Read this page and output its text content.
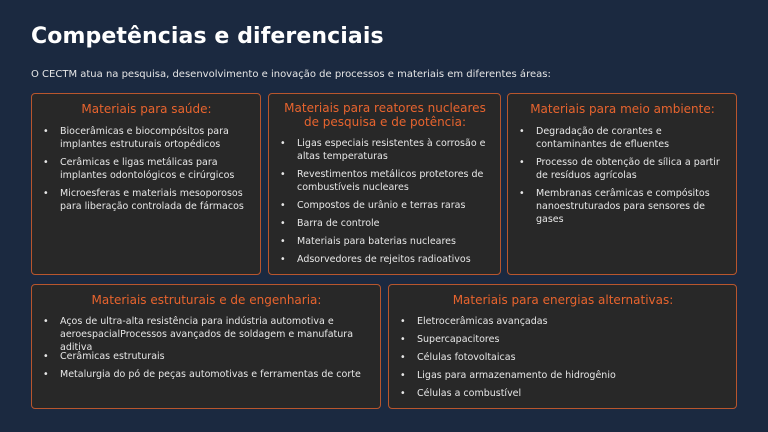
Competências e diferenciais
O CECTM atua na pesquisa, desenvolvimento e inovação de processos e materiais em diferentes áreas:
Materiais para saúde:
• Biocerâmicas e biocompósitos para implantes estruturais ortopédicos
• Cerâmicas e ligas metálicas para implantes odontológicos e cirúrgicos
• Microesferas e materiais mesoporosos para liberação controlada de fármacos
Materiais para reatores nucleares de pesquisa e de potência:
• Ligas especiais resistentes à corrosão e altas temperaturas
• Revestimentos metálicos protetores de combustíveis nucleares
• Compostos de urânio e terras raras
• Barra de controle
• Materiais para baterias nucleares
• Adsorvedores de rejeitos radioativos
Materiais para meio ambiente:
• Degradação de corantes e contaminantes de efluentes
• Processo de obtenção de sílica a partir de resíduos agrícolas
• Membranas cerâmicas e compósitos nanoestruturados para sensores de gases
Materiais estruturais e de engenharia:
• Aços de ultra-alta resistência para indústria automotiva e aeroespacialProcessos avançados de soldagem e manufatura aditiva
• Cerâmicas estruturais
• Metalurgia do pó de peças automotivas e ferramentas de corte
Materiais para energias alternativas:
• Eletrocerâmicas avançadas
• Supercapacitores
• Células fotovoltaicas
• Ligas para armazenamento de hidrogênio
• Células a combustível
